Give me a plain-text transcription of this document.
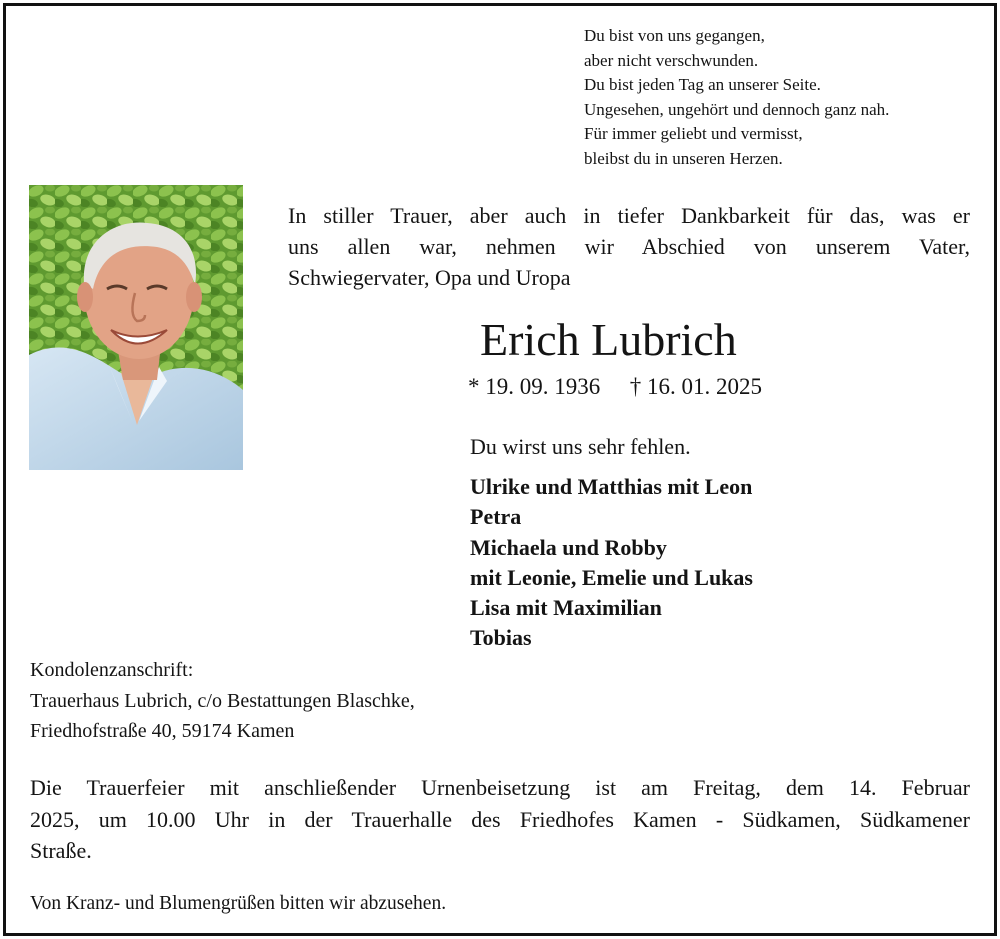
Du bist von uns gegangen,
aber nicht verschwunden.
Du bist jeden Tag an unserer Seite.
Ungesehen, ungehört und dennoch ganz nah.
Für immer geliebt und vermisst,
bleibst du in unseren Herzen.
In stiller Trauer, aber auch in tiefer Dankbarkeit für das, was er
uns allen war, nehmen wir Abschied von unserem Vater,
Schwiegervater, Opa und Uropa
Erich Lubrich
* 19. 09. 1936 † 16. 01. 2025
Du wirst uns sehr fehlen.
Ulrike und Matthias mit Leon
Petra
Michaela und Robby
mit Leonie, Emelie und Lukas
Lisa mit Maximilian
Tobias
Kondolenzanschrift:
Trauerhaus Lubrich, c/o Bestattungen Blaschke,
Friedhofstraße 40, 59174 Kamen
Die Trauerfeier mit anschließender Urnenbeisetzung ist am Freitag, dem 14. Februar
2025, um 10.00 Uhr in der Trauerhalle des Friedhofes Kamen - Südkamen, Südkamener
Straße.
Von Kranz- und Blumengrüßen bitten wir abzusehen.
